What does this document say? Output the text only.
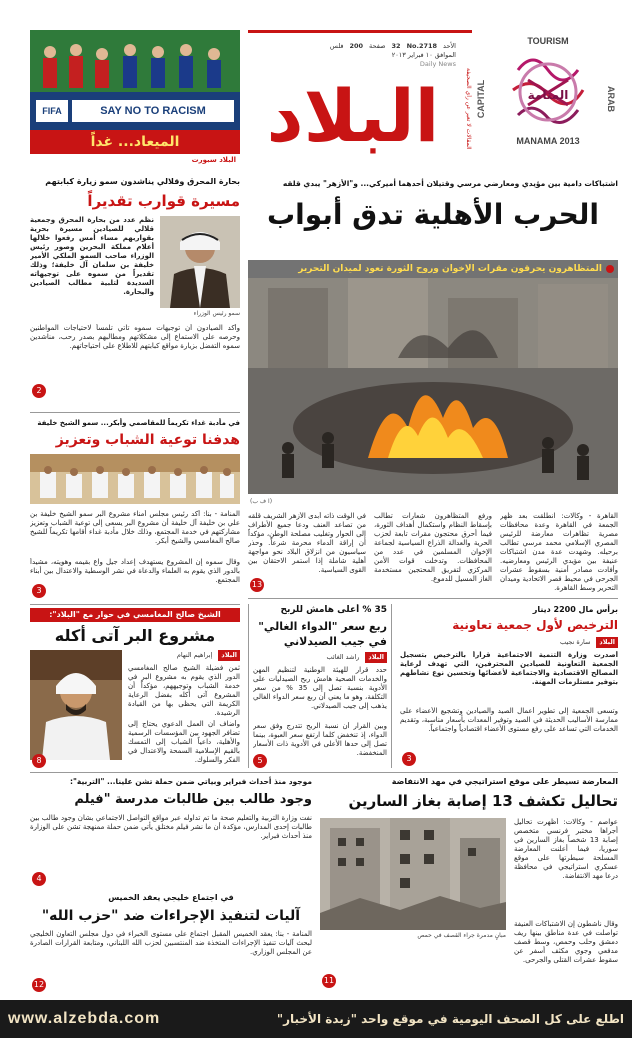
TOURISM
CAPITAL	ARAB
المنامة
MANAMA 2013
المقالات لا تعبر عن رأي الصحيفة
البلاد
الأحد
No.2718
32
صفحة
200
فلس
الموافق ١٠ فبراير ٢٠١٣
Daily News
SAY NO TO RACISM
FIFA
الميعاد... غداً
البلاد سبورت
بحارة المحرق وقلالي يناشدون سمو زيارة كبابتهم
مسيرة قوارب تقديراً
سمو رئيس الوزراء
نظم عدد من بحارة المحرق وجمعية قلالي للصيادين مسيرة بحرية بقواربهم مساء أمس رفعوا خلالها أعلام مملكة البحرين وصور رئيس الوزراء صاحب السمو الملكي الأمير خليفة بن سلمان آل خليفة؛ وذلك تقديراً من سموه على توجيهاته السديدة لتلبية مطالب الصيادين والبحارة.
وأكد الصيادون أن توجيهات سموه تأتي تلمساً لاحتياجات المواطنين وحرصه على الاستماع إلى مشكلاتهم ومطالبهم بصدر رحب، مناشدين سموه التفضل بزيارة مواقع كبابتهم للاطلاع على احتياجاتهم.
2
في مأدبة غداء تكريماً للمقاصمي وأبكر... سمو الشيخ خليفة
هدفنا توعية الشباب وتعزيز
المنامة - بنا: أكد رئيس مجلس أمناء مشروع البر سمو الشيخ خليفة بن علي بن خليفة آل خليفة أن مشروع البر يسعى إلى توعية الشباب وتعزيز مشاركتهم في خدمة المجتمع، وذلك خلال مأدبة غداء أقامها تكريماً للشيخ صالح المغامسي والشيخ أبكر.
وقال سموه إن المشروع يستهدف إعداد جيل واع بقيمه وهويته، مشيداً بالدور الذي يقوم به العلماء والدعاة في نشر الوسطية والاعتدال بين أبناء المجتمع.
3
الشيخ صالح المغامسي في حوار مع "البلاد":
مشروع البر آتى أكله
البلاد
إبراهيم النهام
ثمن فضيلة الشيخ صالح المغامسي الدور الذي يقوم به مشروع البر في خدمة الشباب وتوجيههم، مؤكداً أن المشروع آتى أكله بفضل الرعاية الكريمة التي يحظى بها من القيادة الرشيدة.
وأضاف أن العمل الدعوي يحتاج إلى تضافر الجهود بين المؤسسات الرسمية والأهلية، داعياً الشباب إلى التمسك بالقيم الإسلامية السمحة والاعتدال في الفكر والسلوك.
8
اشتباكات دامية بين مؤيدي ومعارضي مرسي وقتيلان أحدهما أميركي... و"الأزهر" يبدي قلقه
الحرب الأهلية تدق أبواب
المتظاهرون يحرقون مقرات الإخوان وروح الثورة تعود لميدان التحرير
(ا ف ب)
القاهرة - وكالات: انطلقت بعد ظهر الجمعة في القاهرة وعدة محافظات مصرية تظاهرات معارضة للرئيس المصري الإسلامي محمد مرسي تطالب برحيله. وشهدت عدة مدن اشتباكات عنيفة بين مؤيدي الرئيس ومعارضيه. وأفادت مصادر أمنية بسقوط عشرات الجرحى في محيط قصر الاتحادية وميدان التحرير وسط القاهرة.
ورفع المتظاهرون شعارات تطالب بإسقاط النظام واستكمال أهداف الثورة، فيما أحرق محتجون مقرات تابعة لحزب الحرية والعدالة الذراع السياسية لجماعة الإخوان المسلمين في عدد من المحافظات. وتدخلت قوات الأمن المركزي لتفريق المحتجين مستخدمة الغاز المسيل للدموع.
في الوقت ذاته أبدى الأزهر الشريف قلقه من تصاعد العنف ودعا جميع الأطراف إلى الحوار وتغليب مصلحة الوطن، مؤكداً أن إراقة الدماء محرمة شرعاً. وحذر سياسيون من انزلاق البلاد نحو مواجهة أهلية شاملة إذا استمر الاحتقان بين القوى السياسية.
13
برأس مال 2200 دينار
الترخيص لأول جمعية تعاونية
البلاد
سارة نجيب
أصدرت وزارة التنمية الاجتماعية قراراً بالترخيص بتسجيل الجمعية التعاونية للصيادين المحترفين، التي تهدف لرعاية المصالح الاقتصادية والاجتماعية لأعضائها وتحسين نوع نشاطهم بتوفير مستلزمات المهنة.
وتسعى الجمعية إلى تطوير أعمال الصيد والصيادين وتشجيع الأعضاء على ممارسة الأساليب الحديثة في الصيد وتوفير المعدات بأسعار مناسبة، وتقديم الخدمات التي تساعد على رفع مستوى الأعضاء اقتصادياً واجتماعياً.
3
35 % أعلى هامش للربح
ربع سعر "الدواء الغالي" في جيب الصيدلاني
البلاد
راشد الغائب
حدد قرار للهيئة الوطنية لتنظيم المهن والخدمات الصحية هامش ربح الصيدليات على الأدوية بنسبة تصل إلى 35 % من سعر التكلفة، وهو ما يعني أن ربع سعر الدواء الغالي يذهب إلى جيب الصيدلاني.
وبين القرار أن نسبة الربح تتدرج وفق سعر الدواء، إذ تنخفض كلما ارتفع سعر العبوة، بينما تصل إلى حدها الأعلى في الأدوية ذات الأسعار المنخفضة.
5
المعارضة تسيطر على موقع استراتيجي في مهد الانتفاضة
تحاليل تكشف 13 إصابة بغاز السارين
عواصم - وكالات: أظهرت تحاليل أجراها مختبر فرنسي متخصص إصابة 13 شخصاً بغاز السارين في سوريا، فيما أعلنت المعارضة المسلحة سيطرتها على موقع عسكري استراتيجي في محافظة درعا مهد الانتفاضة.
وقال ناشطون إن الاشتباكات العنيفة تواصلت في عدة مناطق بينها ريف دمشق وحلب وحمص، وسط قصف مدفعي وجوي مكثف أسفر عن سقوط عشرات القتلى والجرحى.
مبانٍ مدمرة جراء القصف في حمص
11
موجود منذ أحداث فبراير وبياتي ضمن حملة تشن علينا... "التربية":
وجود طالب بين طالبات مدرسة "فيلم
نفت وزارة التربية والتعليم صحة ما تم تداوله عبر مواقع التواصل الاجتماعي بشأن وجود طالب بين طالبات إحدى المدارس، مؤكدة أن ما نشر فيلم مختلق يأتي ضمن حملة ممنهجة تشن على الوزارة منذ أحداث فبراير.
4
في اجتماع خليجي يعقد الخميس
آليات لتنفيذ الإجراءات ضد "حزب الله"
المنامة - بنا: يعقد الخميس المقبل اجتماع على مستوى الخبراء في دول مجلس التعاون الخليجي لبحث آليات تنفيذ الإجراءات المتخذة ضد المنتسبين لحزب الله اللبناني، ومتابعة القرارات الصادرة عن المجلس الوزاري.
12
www.alzebda.com	اطلع على كل الصحف اليومية في موقع واحد "زبدة الأخبار"
